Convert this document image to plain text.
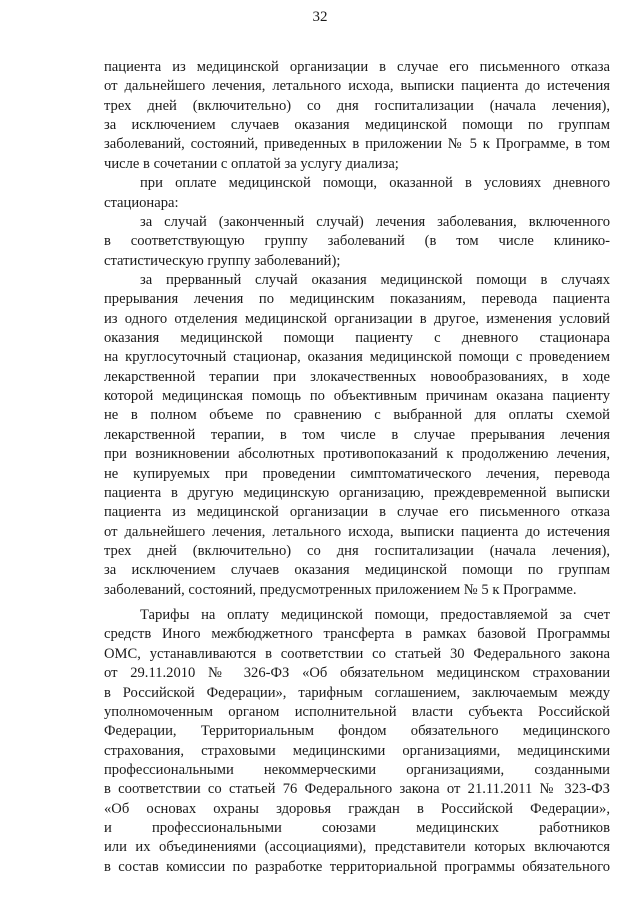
32
пациента из медицинской организации в случае его письменного отказа
от дальнейшего лечения, летального исхода, выписки пациента до истечения
трех дней (включительно) со дня госпитализации (начала лечения),
за исключением случаев оказания медицинской помощи по группам
заболеваний, состояний, приведенных в приложении № 5 к Программе, в том
числе в сочетании с оплатой за услугу диализа;
при оплате медицинской помощи, оказанной в условиях дневного
стационара:
за случай (законченный случай) лечения заболевания, включенного
в соответствующую группу заболеваний (в том числе клинико-
статистическую группу заболеваний);
за прерванный случай оказания медицинской помощи в случаях
прерывания лечения по медицинским показаниям, перевода пациента
из одного отделения медицинской организации в другое, изменения условий
оказания медицинской помощи пациенту с дневного стационара
на круглосуточный стационар, оказания медицинской помощи с проведением
лекарственной терапии при злокачественных новообразованиях, в ходе
которой медицинская помощь по объективным причинам оказана пациенту
не в полном объеме по сравнению с выбранной для оплаты схемой
лекарственной терапии, в том числе в случае прерывания лечения
при возникновении абсолютных противопоказаний к продолжению лечения,
не купируемых при проведении симптоматического лечения, перевода
пациента в другую медицинскую организацию, преждевременной выписки
пациента из медицинской организации в случае его письменного отказа
от дальнейшего лечения, летального исхода, выписки пациента до истечения
трех дней (включительно) со дня госпитализации (начала лечения),
за исключением случаев оказания медицинской помощи по группам
заболеваний, состояний, предусмотренных приложением № 5 к Программе.
Тарифы на оплату медицинской помощи, предоставляемой за счет
средств Иного межбюджетного трансферта в рамках базовой Программы
ОМС, устанавливаются в соответствии со статьей 30 Федерального закона
от 29.11.2010 № 326-ФЗ «Об обязательном медицинском страховании
в Российской Федерации», тарифным соглашением, заключаемым между
уполномоченным органом исполнительной власти субъекта Российской
Федерации, Территориальным фондом обязательного медицинского
страхования, страховыми медицинскими организациями, медицинскими
профессиональными некоммерческими организациями, созданными
в соответствии со статьей 76 Федерального закона от 21.11.2011 № 323-ФЗ
«Об основах охраны здоровья граждан в Российской Федерации»,
и профессиональными союзами медицинских работников
или их объединениями (ассоциациями), представители которых включаются
в состав комиссии по разработке территориальной программы обязательного
